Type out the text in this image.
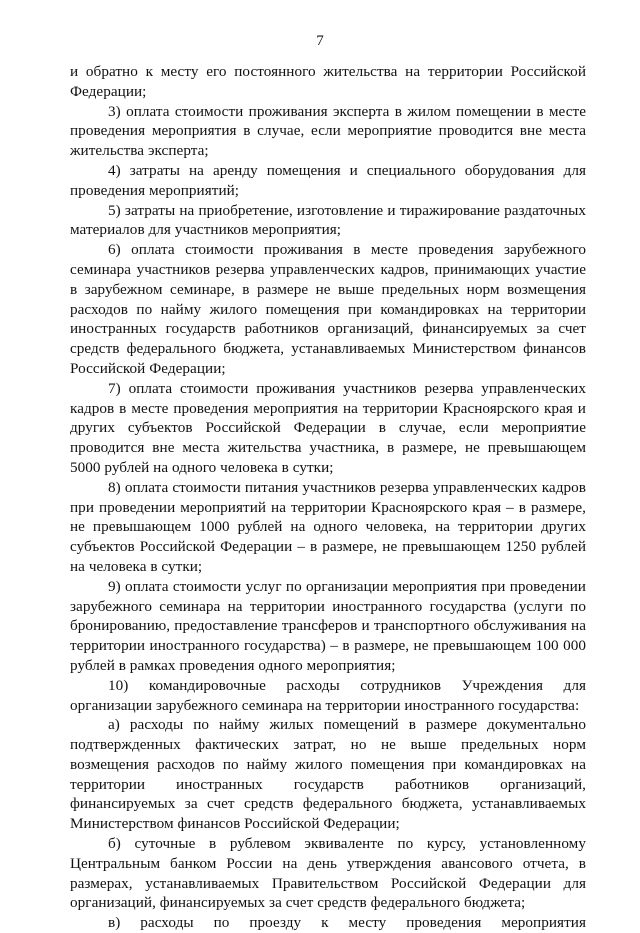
7

и обратно к месту его постоянного жительства на территории Российской Федерации;

3) оплата стоимости проживания эксперта в жилом помещении в месте проведения мероприятия в случае, если мероприятие проводится вне места жительства эксперта;

4) затраты на аренду помещения и специального оборудования для проведения мероприятий;

5) затраты на приобретение, изготовление и тиражирование раздаточных материалов для участников мероприятия;

6) оплата стоимости проживания в месте проведения зарубежного семинара участников резерва управленческих кадров, принимающих участие в зарубежном семинаре, в размере не выше предельных норм возмещения расходов по найму жилого помещения при командировках на территории иностранных государств работников организаций, финансируемых за счет средств федерального бюджета, устанавливаемых Министерством финансов Российской Федерации;

7) оплата стоимости проживания участников резерва управленческих кадров в месте проведения мероприятия на территории Красноярского края и других субъектов Российской Федерации в случае, если мероприятие проводится вне места жительства участника, в размере, не превышающем 5000 рублей на одного человека в сутки;

8) оплата стоимости питания участников резерва управленческих кадров при проведении мероприятий на территории Красноярского края – в размере, не превышающем 1000 рублей на одного человека, на территории других субъектов Российской Федерации – в размере, не превышающем 1250 рублей на человека в сутки;

9) оплата стоимости услуг по организации мероприятия при проведении зарубежного семинара на территории иностранного государства (услуги по бронированию, предоставление трансферов и транспортного обслуживания на территории иностранного государства) – в размере, не превышающем 100 000 рублей в рамках проведения одного мероприятия;

10) командировочные расходы сотрудников Учреждения для организации зарубежного семинара на территории иностранного государства:

а) расходы по найму жилых помещений в размере документально подтвержденных фактических затрат, но не выше предельных норм возмещения расходов по найму жилого помещения при командировках на территории иностранных государств работников организаций, финансируемых за счет средств федерального бюджета, устанавливаемых Министерством финансов Российской Федерации;

б) суточные в рублевом эквиваленте по курсу, установленному Центральным банком России на день утверждения авансового отчета, в размерах, устанавливаемых Правительством Российской Федерации для организаций, финансируемых за счет средств федерального бюджета;

в) расходы по проезду к месту проведения мероприятия
